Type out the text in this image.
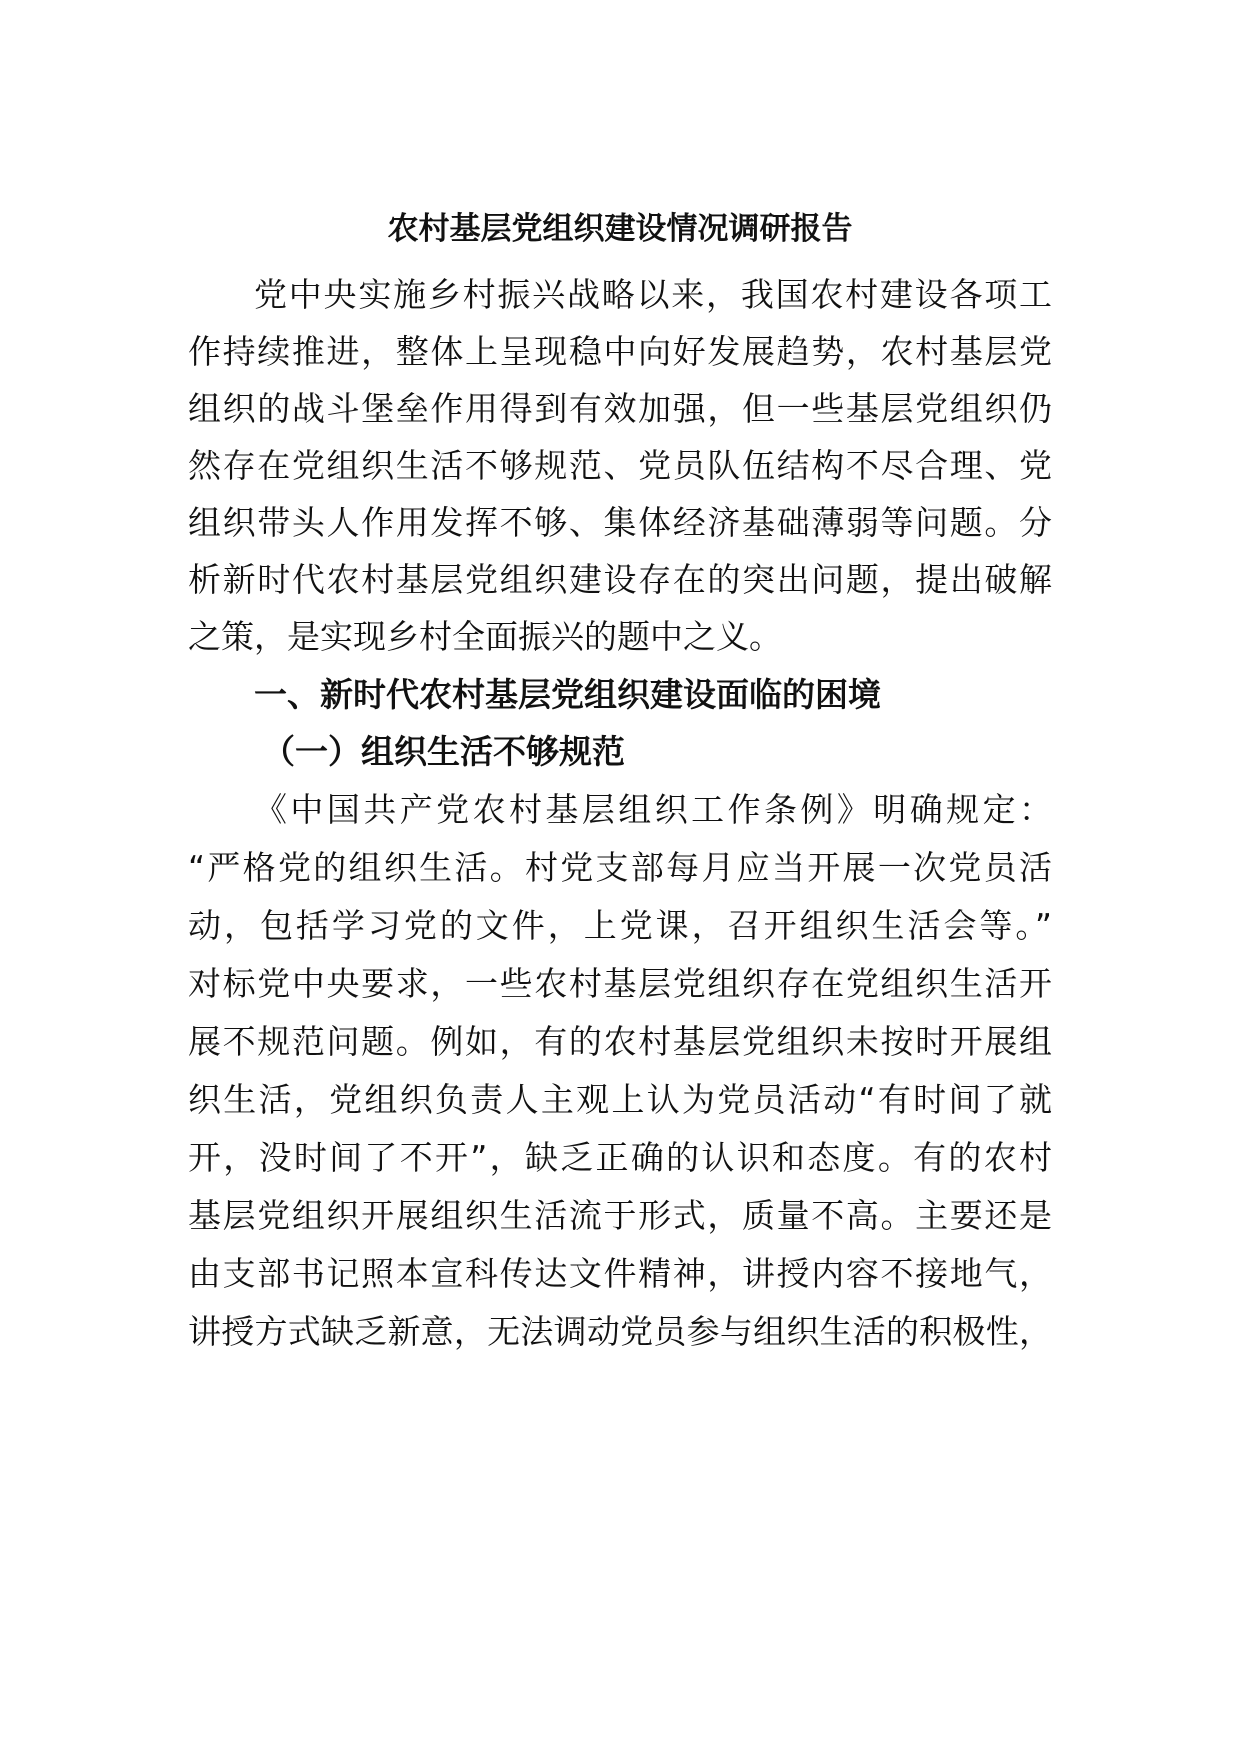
农村基层党组织建设情况调研报告
党中央实施乡村振兴战略以来，我国农村建设各项工
作持续推进，整体上呈现稳中向好发展趋势，农村基层党
组织的战斗堡垒作用得到有效加强，但一些基层党组织仍
然存在党组织生活不够规范、党员队伍结构不尽合理、党
组织带头人作用发挥不够、集体经济基础薄弱等问题。分
析新时代农村基层党组织建设存在的突出问题，提出破解
之策，是实现乡村全面振兴的题中之义。
一、新时代农村基层党组织建设面临的困境
（一）组织生活不够规范
《中国共产党农村基层组织工作条例》明确规定：
“严格党的组织生活。村党支部每月应当开展一次党员活
动，包括学习党的文件，上党课，召开组织生活会等。”
对标党中央要求，一些农村基层党组织存在党组织生活开
展不规范问题。例如，有的农村基层党组织未按时开展组
织生活，党组织负责人主观上认为党员活动“有时间了就
开，没时间了不开”，缺乏正确的认识和态度。有的农村
基层党组织开展组织生活流于形式，质量不高。主要还是
由支部书记照本宣科传达文件精神，讲授内容不接地气，
讲授方式缺乏新意，无法调动党员参与组织生活的积极性，
